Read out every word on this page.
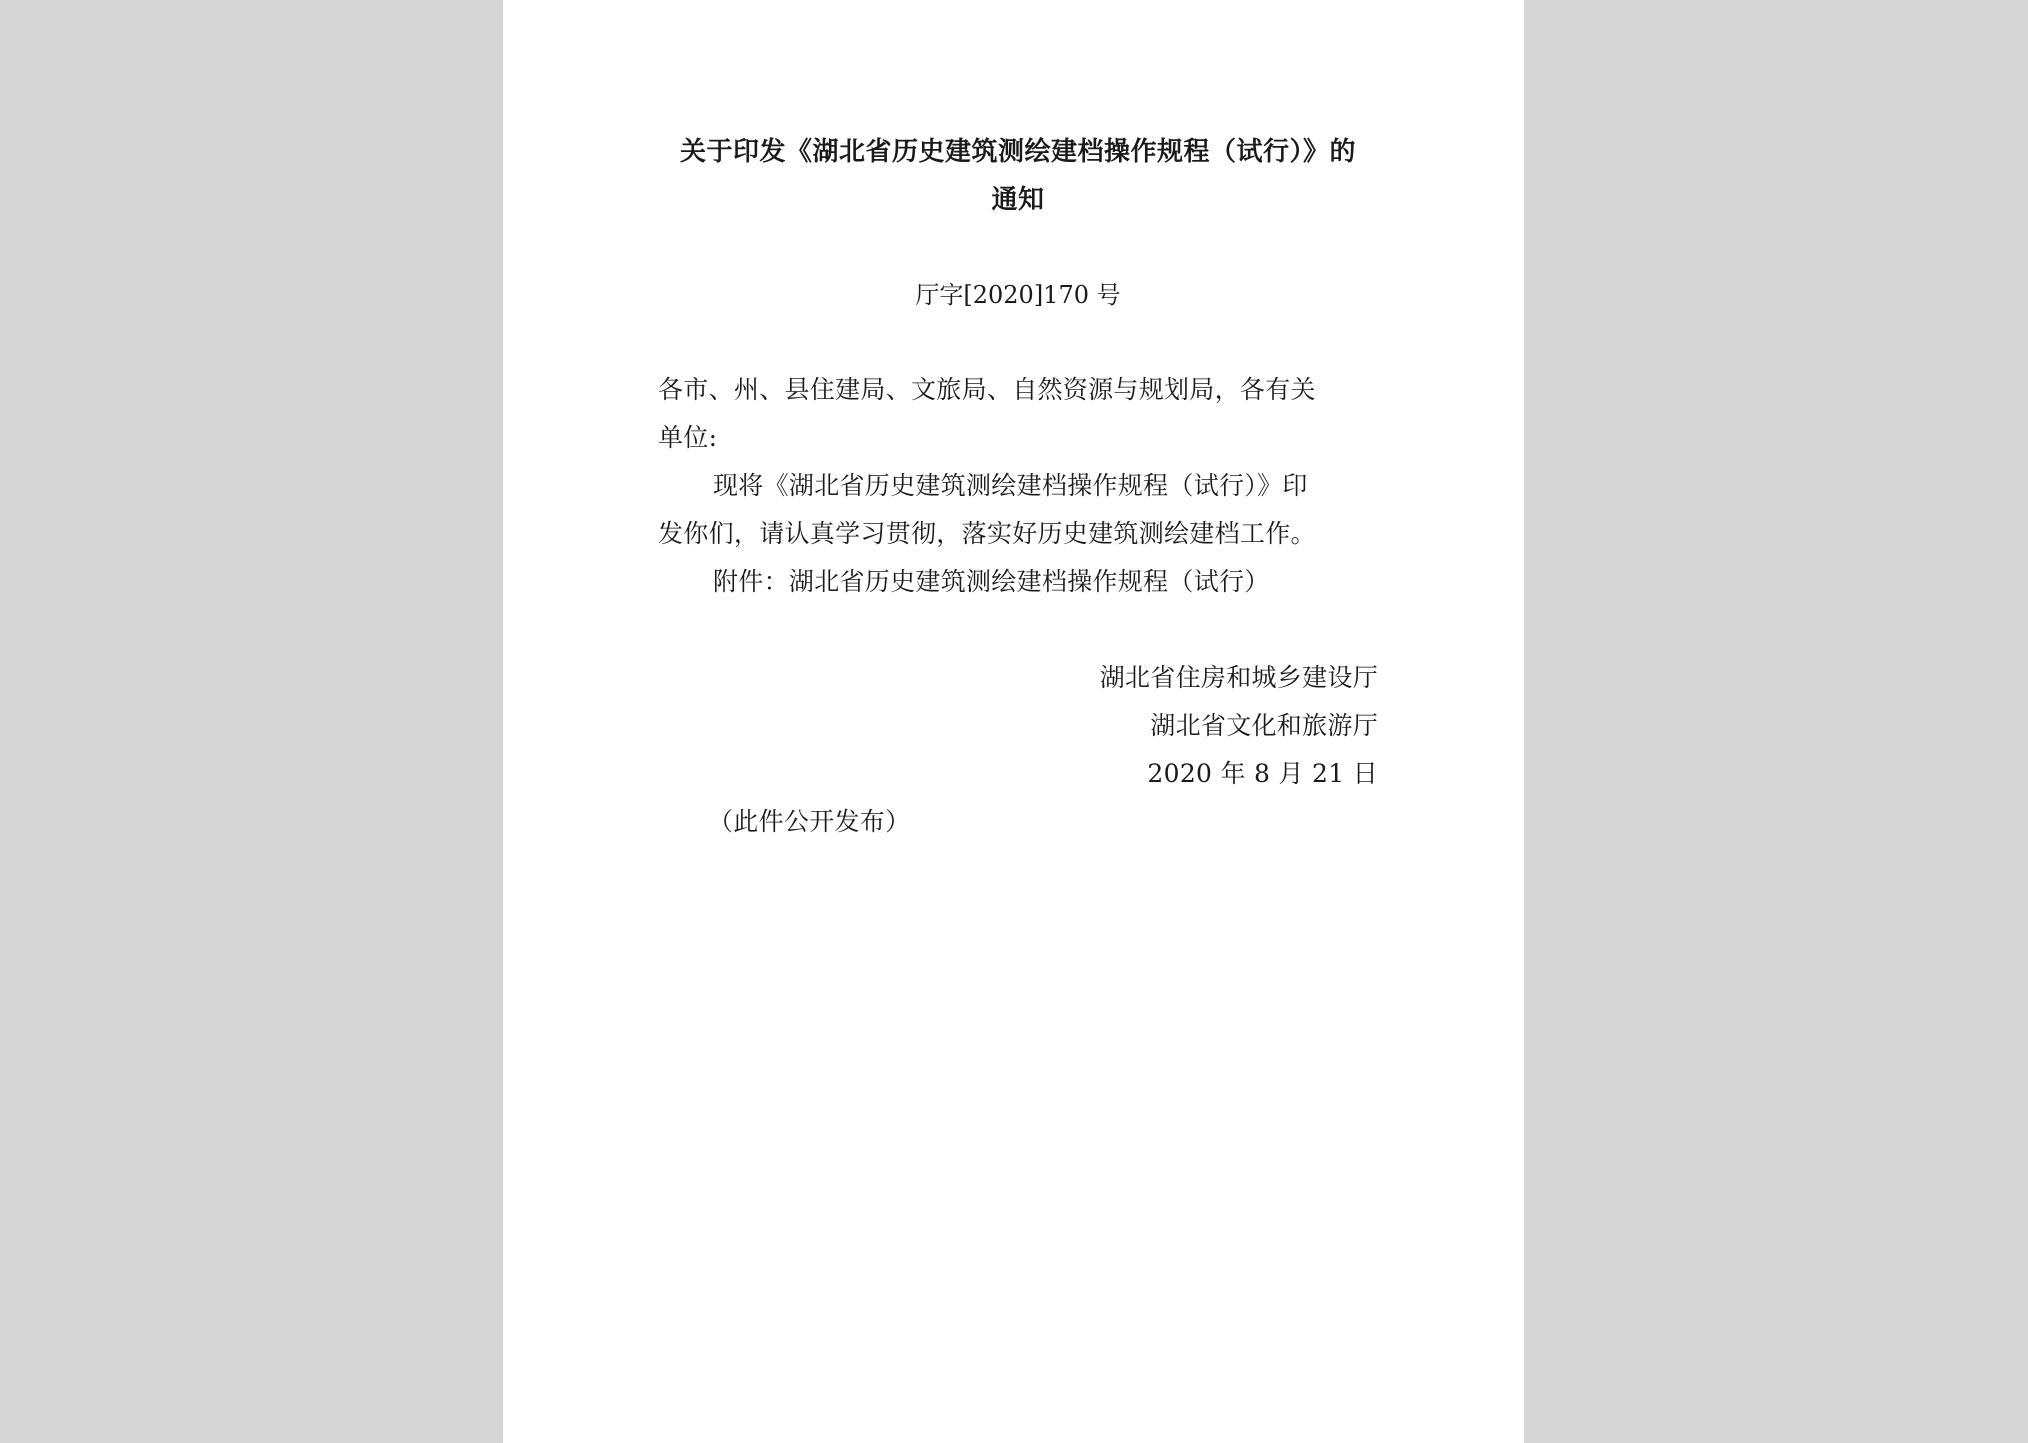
关于印发《湖北省历史建筑测绘建档操作规程（试行）》的
通知
厅字[2020]170 号
各市、州、县住建局、文旅局、自然资源与规划局，各有关
单位:
现将《湖北省历史建筑测绘建档操作规程（试行）》印
发你们，请认真学习贯彻，落实好历史建筑测绘建档工作。
附件：湖北省历史建筑测绘建档操作规程（试行）
湖北省住房和城乡建设厅
湖北省文化和旅游厅
2020 年 8 月 21 日
（此件公开发布）
